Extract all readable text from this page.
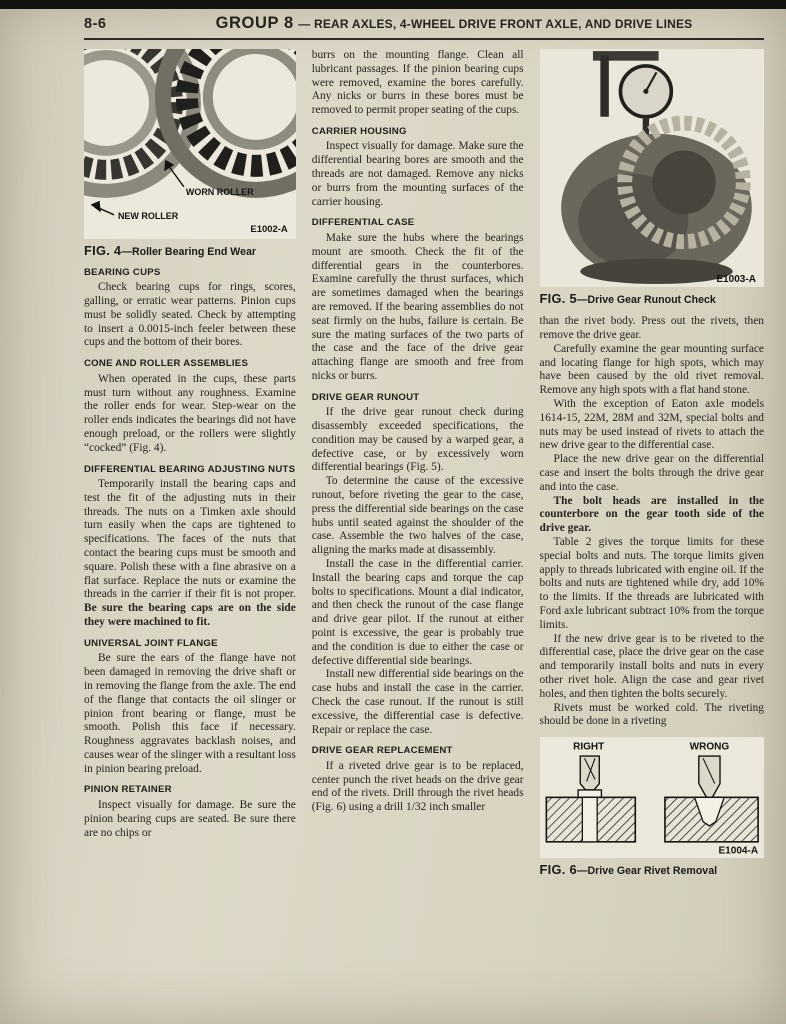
8-6	GROUP 8 — REAR AXLES, 4-WHEEL DRIVE FRONT AXLE, AND DRIVE LINES
WORN ROLLER
NEW ROLLER
E1002-A
FIG. 4—Roller Bearing End Wear
BEARING CUPS

Check bearing cups for rings, scores, galling, or erratic wear patterns. Pinion cups must be solidly seated. Check by attempting to insert a 0.0015-inch feeler between these cups and the bottom of their bores.

CONE AND ROLLER ASSEMBLIES

When operated in the cups, these parts must turn without any roughness. Examine the roller ends for wear. Step-wear on the roller ends indicates the bearings did not have enough preload, or the rollers were slightly “cocked” (Fig. 4).

DIFFERENTIAL BEARING ADJUSTING NUTS

Temporarily install the bearing caps and test the fit of the adjusting nuts in their threads. The nuts on a Timken axle should turn easily when the caps are tightened to specifications. The faces of the nuts that contact the bearing cups must be smooth and square. Polish these with a fine abrasive on a flat surface. Replace the nuts or examine the threads in the carrier if their fit is not proper. Be sure the bearing caps are on the side they were machined to fit.

UNIVERSAL JOINT FLANGE

Be sure the ears of the flange have not been damaged in removing the drive shaft or in removing the flange from the axle. The end of the flange that contacts the oil slinger or pinion front bearing or flange, must be smooth. Polish this face if necessary. Roughness aggravates backlash noises, and causes wear of the slinger with a resultant loss in pinion bearing preload.

PINION RETAINER

Inspect visually for damage. Be sure the pinion bearing cups are seated. Be sure there are no chips or

burrs on the mounting flange. Clean all lubricant passages. If the pinion bearing cups were removed, examine the bores carefully. Any nicks or burrs in these bores must be removed to permit proper seating of the cups.

CARRIER HOUSING

Inspect visually for damage. Make sure the differential bearing bores are smooth and the threads are not damaged. Remove any nicks or burrs from the mounting surfaces of the carrier housing.

DIFFERENTIAL CASE

Make sure the hubs where the bearings mount are smooth. Check the fit of the differential gears in the counterbores. Examine carefully the thrust surfaces, which are sometimes damaged when the bearings are removed. If the bearing assemblies do not seat firmly on the hubs, failure is certain. Be sure the mating surfaces of the two parts of the case and the face of the drive gear attaching flange are smooth and free from nicks or burrs.

DRIVE GEAR RUNOUT

If the drive gear runout check during disassembly exceeded specifications, the condition may be caused by a warped gear, a defective case, or by excessively worn differential bearings (Fig. 5).

To determine the cause of the excessive runout, before riveting the gear to the case, press the differential side bearings on the case hubs until seated against the shoulder of the case. Assemble the two halves of the case, aligning the marks made at disassembly.

Install the case in the differential carrier. Install the bearing caps and torque the cap bolts to specifications. Mount a dial indicator, and then check the runout of the case flange and drive gear pilot. If the runout at either point is excessive, the gear is probably true and the condition is due to either the case or defective differential side bearings.

Install new differential side bearings on the case hubs and install the case in the carrier. Check the case runout. If the runout is still excessive, the differential case is defective. Repair or replace the case.

DRIVE GEAR REPLACEMENT

If a riveted drive gear is to be replaced, center punch the rivet heads on the drive gear end of the rivets. Drill through the rivet heads (Fig. 6) using a drill 1/32 inch smaller

E1003-A
FIG. 5—Drive Gear Runout Check

than the rivet body. Press out the rivets, then remove the drive gear.

Carefully examine the gear mounting surface and locating flange for high spots, which may have been caused by the old rivet removal. Remove any high spots with a flat hand stone.

With the exception of Eaton axle models 1614-15, 22M, 28M and 32M, special bolts and nuts may be used instead of rivets to attach the new drive gear to the differential case.

Place the new drive gear on the differential case and insert the bolts through the drive gear and into the case.

The bolt heads are installed in the counterbore on the gear tooth side of the drive gear.

Table 2 gives the torque limits for these special bolts and nuts. The torque limits given apply to threads lubricated with engine oil. If the bolts and nuts are tightened while dry, add 10% to the limits. If the threads are lubricated with Ford axle lubricant subtract 10% from the torque limits.

If the new drive gear is to be riveted to the differential case, place the drive gear on the case and temporarily install bolts and nuts in every other rivet hole. Align the case and gear rivet holes, and then tighten the bolts securely.

Rivets must be worked cold. The riveting should be done in a riveting

RIGHT	WRONG
E1004-A
FIG. 6—Drive Gear Rivet Removal
